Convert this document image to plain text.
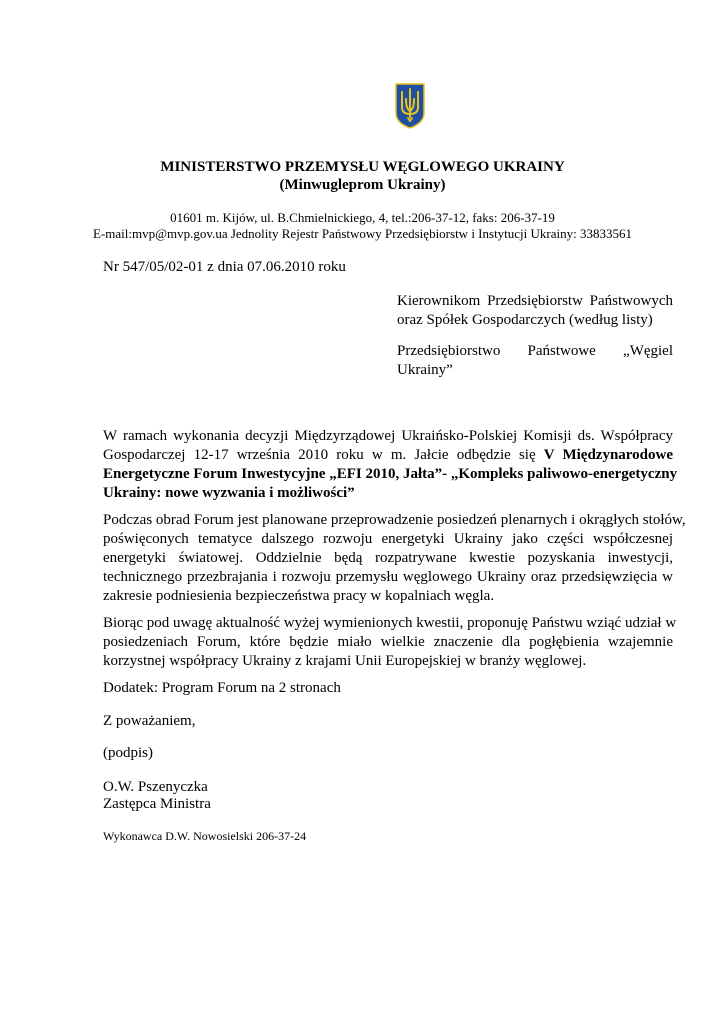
MINISTERSTWO PRZEMYSŁU WĘGLOWEGO UKRAINY
(Minwugleprom Ukrainy)
01601 m. Kijów, ul. B.Chmielnickiego, 4, tel.:206-37-12, faks: 206-37-19
E-mail:mvp@mvp.gov.ua Jednolity Rejestr Państwowy Przedsiębiorstw i Instytucji Ukrainy: 33833561
Nr 547/05/02-01 z dnia 07.06.2010 roku
Kierownikom Przedsiębiorstw Państwowych oraz Spółek Gospodarczych (według listy)
Przedsiębiorstwo Państwowe „Węgiel
Ukrainy”
W ramach wykonania decyzji Międzyrządowej Ukraińsko-Polskiej Komisji ds. Współpracy
Gospodarczej 12-17 września 2010 roku w m. Jałcie odbędzie się V Międzynarodowe
Energetyczne Forum Inwestycyjne „EFI 2010, Jałta”- „Kompleks paliwowo-energetyczny
Ukrainy: nowe wyzwania i możliwości”
Podczas obrad Forum jest planowane przeprowadzenie posiedzeń plenarnych i okrągłych stołów,
poświęconych tematyce dalszego rozwoju energetyki Ukrainy jako części współczesnej
energetyki światowej. Oddzielnie będą rozpatrywane kwestie pozyskania inwestycji,
technicznego przezbrajania i rozwoju przemysłu węglowego Ukrainy oraz przedsięwzięcia w
zakresie podniesienia bezpieczeństwa pracy w kopalniach węgla.
Biorąc pod uwagę aktualność wyżej wymienionych kwestii, proponuję Państwu wziąć udział w
posiedzeniach Forum, które będzie miało wielkie znaczenie dla pogłębienia wzajemnie
korzystnej współpracy Ukrainy z krajami Unii Europejskiej w branży węglowej.
Dodatek: Program Forum na 2 stronach
Z poważaniem,
(podpis)
O.W. Pszenyczka
Zastępca Ministra
Wykonawca D.W. Nowosielski 206-37-24
